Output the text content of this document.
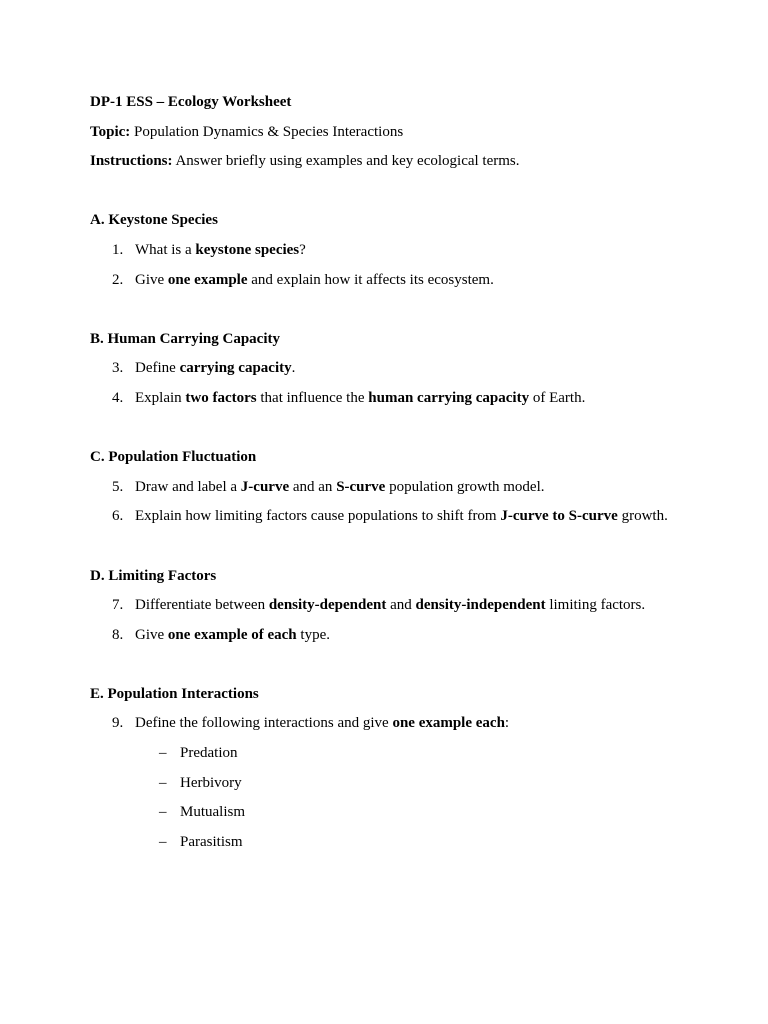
DP-1 ESS – Ecology Worksheet
Topic: Population Dynamics & Species Interactions
Instructions: Answer briefly using examples and key ecological terms.
A. Keystone Species
1. What is a keystone species?
2. Give one example and explain how it affects its ecosystem.
B. Human Carrying Capacity
3. Define carrying capacity.
4. Explain two factors that influence the human carrying capacity of Earth.
C. Population Fluctuation
5. Draw and label a J-curve and an S-curve population growth model.
6. Explain how limiting factors cause populations to shift from J-curve to S-curve growth.
D. Limiting Factors
7. Differentiate between density-dependent and density-independent limiting factors.
8. Give one example of each type.
E. Population Interactions
9. Define the following interactions and give one example each:
– Predation
– Herbivory
– Mutualism
– Parasitism
